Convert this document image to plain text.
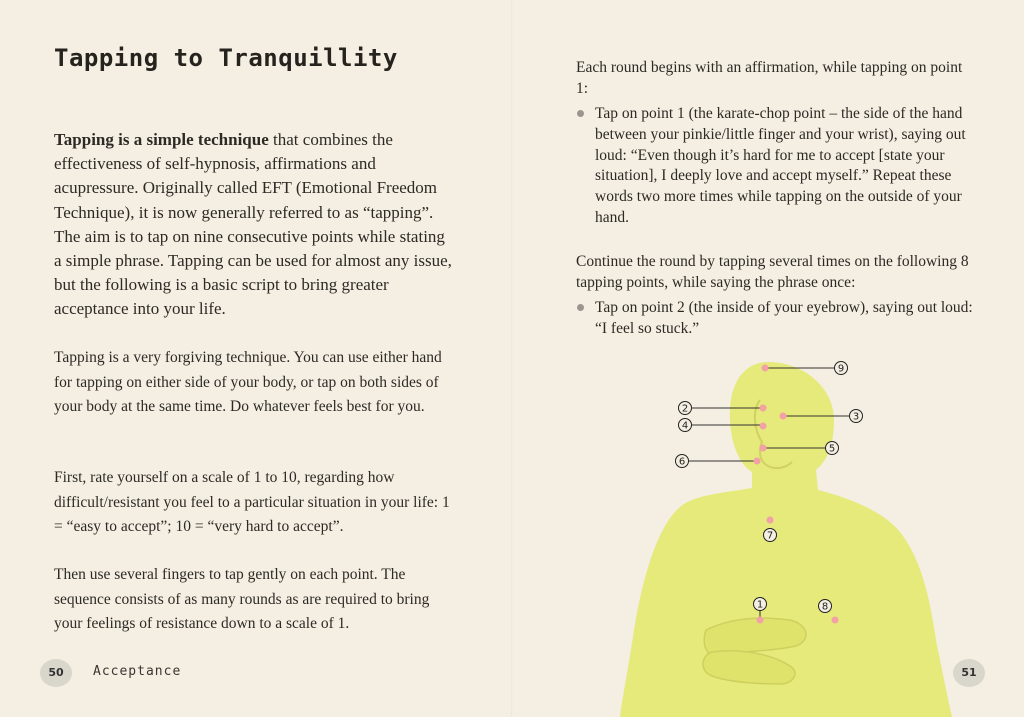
Tapping to Tranquillity

Tapping is a simple technique that combines the effectiveness of self-hypnosis, affirmations and acupressure. Originally called EFT (Emotional Freedom Technique), it is now generally referred to as “tapping”. The aim is to tap on nine consecutive points while stating a simple phrase. Tapping can be used for almost any issue, but the following is a basic script to bring greater acceptance into your life.

Tapping is a very forgiving technique. You can use either hand for tapping on either side of your body, or tap on both sides of your body at the same time. Do whatever feels best for you.

First, rate yourself on a scale of 1 to 10, regarding how difficult/resistant you feel to a particular situation in your life: 1 = “easy to accept”; 10 = “very hard to accept”.

Then use several fingers to tap gently on each point. The sequence consists of as many rounds as are required to bring your feelings of resistance down to a scale of 1.

50	Acceptance

Each round begins with an affirmation, while tapping on point 1:

Tap on point 1 (the karate-chop point – the side of the hand between your pinkie/little finger and your wrist), saying out loud: “Even though it’s hard for me to accept [state your situation], I deeply love and accept myself.” Repeat these words two more times while tapping on the outside of your hand.

Continue the round by tapping several times on the following 8 tapping points, while saying the phrase once:

Tap on point 2 (the inside of your eyebrow), saying out loud: “I feel so stuck.”
9
2
3
4
5
6
7
1	8
51
